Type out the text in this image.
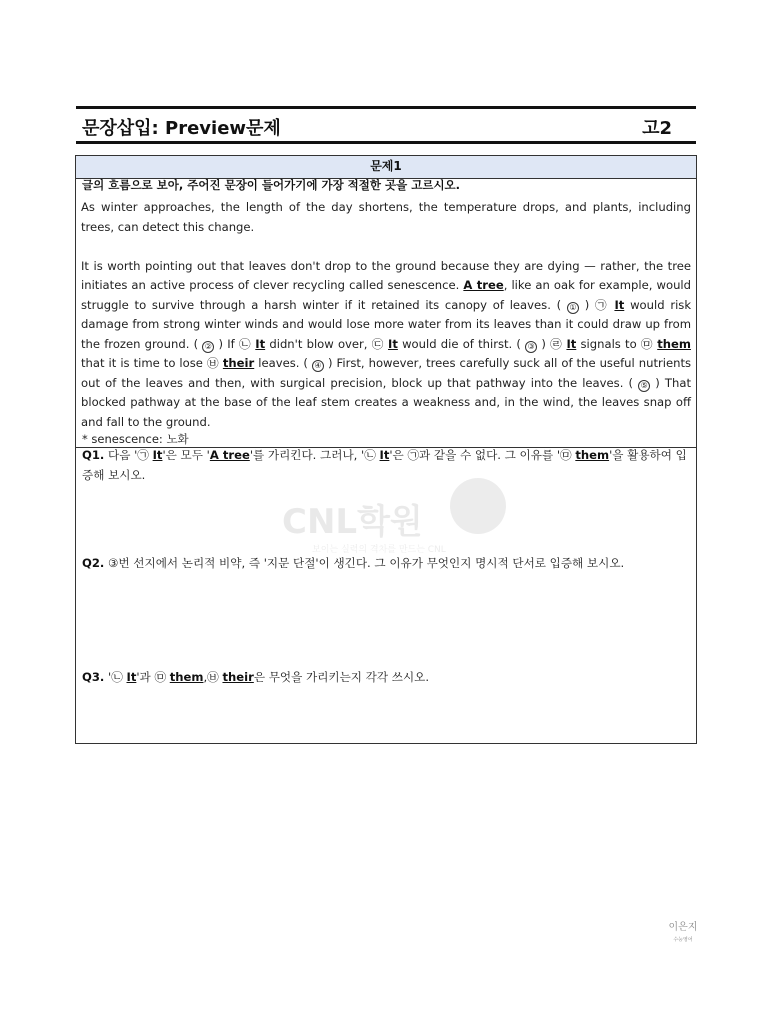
문장삽입: Preview문제	고2
문제1
글의 흐름으로 보아, 주어진 문장이 들어가기에 가장 적절한 곳을 고르시오.

As winter approaches, the length of the day shortens, the temperature drops, and plants, including trees, can detect this change.

It is worth pointing out that leaves don't drop to the ground because they are dying — rather, the tree initiates an active process of clever recycling called senescence. A tree, like an oak for example, would struggle to survive through a harsh winter if it retained its canopy of leaves. ( ① ) ㉠ It would risk damage from strong winter winds and would lose more water from its leaves than it could draw up from the frozen ground. ( ② ) If ㉡ It didn't blow over, ㉢ It would die of thirst. ( ③ ) ㉣ It signals to ㉤ them that it is time to lose ㉥ their leaves. ( ④ ) First, however, trees carefully suck all of the useful nutrients out of the leaves and then, with surgical precision, block up that pathway into the leaves. ( ⑤ ) That blocked pathway at the base of the leaf stem creates a weakness and, in the wind, the leaves snap off and fall to the ground.

* senescence: 노화
Q1. 다음 '㉠ It'은 모두 'A tree'를 가리킨다. 그러나, '㉡ It'은 ㉠과 같을 수 없다. 그 이유를 '㉤ them'을 활용하여 입증해 보시오.
Q2. ③번 선지에서 논리적 비약, 즉 '지문 단절'이 생긴다. 그 이유가 무엇인지 명시적 단서로 입증해 보시오.
Q3. '㉡ It'과 ㉤ them,㉥ their은 무엇을 가리키는지 각각 쓰시오.
CNL학원
보이는 실력의 격차를 만드는 CNL
이은지
수능영어
